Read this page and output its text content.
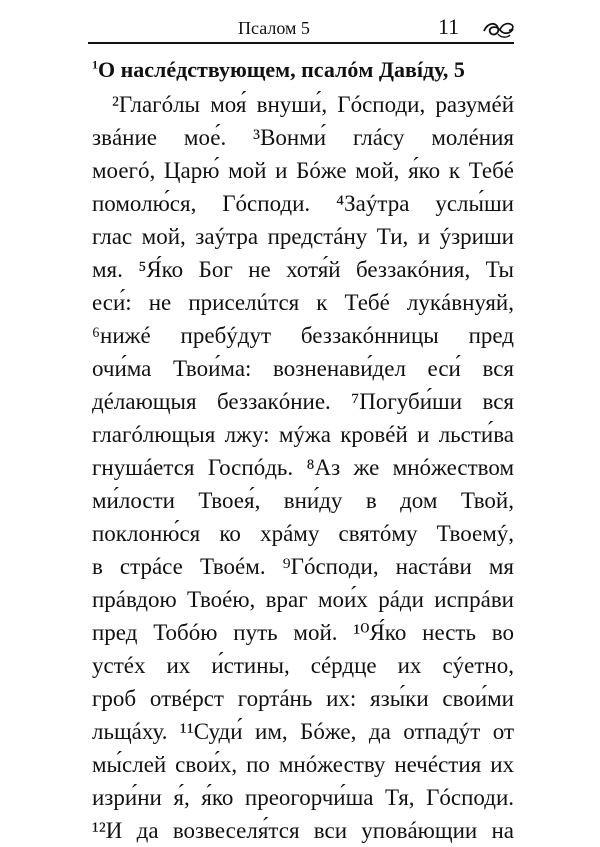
Псалом 5	11
$^1$О наслéдствующем, псалóм Давíду, 5
²Глагóлы моя́ внуши́, Гóсподи, разумéй
звáние мое́. ³Вонми́ глáсу молéния
моегó, Царю́ мой и Бóже мой, я́ко к Тебé
помолю́ся, Гóсподи. ⁴Заýтра услы́ши
глас мой, заýтра предстáну Ти, и ýзриши
мя. ⁵Я́ко Бог не хотя́й беззакóния, Ты
еси́: не приселúтся к Тебé лукáвнуяй,
⁶нижé пребýдут беззакóнницы пред
очи́ма Твои́ма: возненави́дел еси́ вся
дéлающыя беззакóние. ⁷Погуби́ши вся
глагóлющыя лжу: мýжа кровéй и льсти́ва
гнушáется Госпóдь. ⁸Аз же мнóжеством
ми́лости Твоея́, вни́ду в дом Твой,
поклоню́ся ко хрáму святóму Твоемý,
в стрáсе Твоéм. ⁹Гóсподи, настáви мя
прáвдою Твоéю, враг мои́х рáди испрáви
пред Тобóю путь мой. ¹⁰Я́ко несть во
устéх их и́стины, сéрдце их сýетно,
гроб отвéрст гортáнь их: язы́ки свои́ми
льщáху. ¹¹Суди́ им, Бóже, да отпадýт от
мы́слей свои́х, по мнóжеству нечéстия их
изри́ни я́, я́ко преогорчи́ша Тя, Гóсподи.
¹²И да возвеселя́тся вси уповáющии на
